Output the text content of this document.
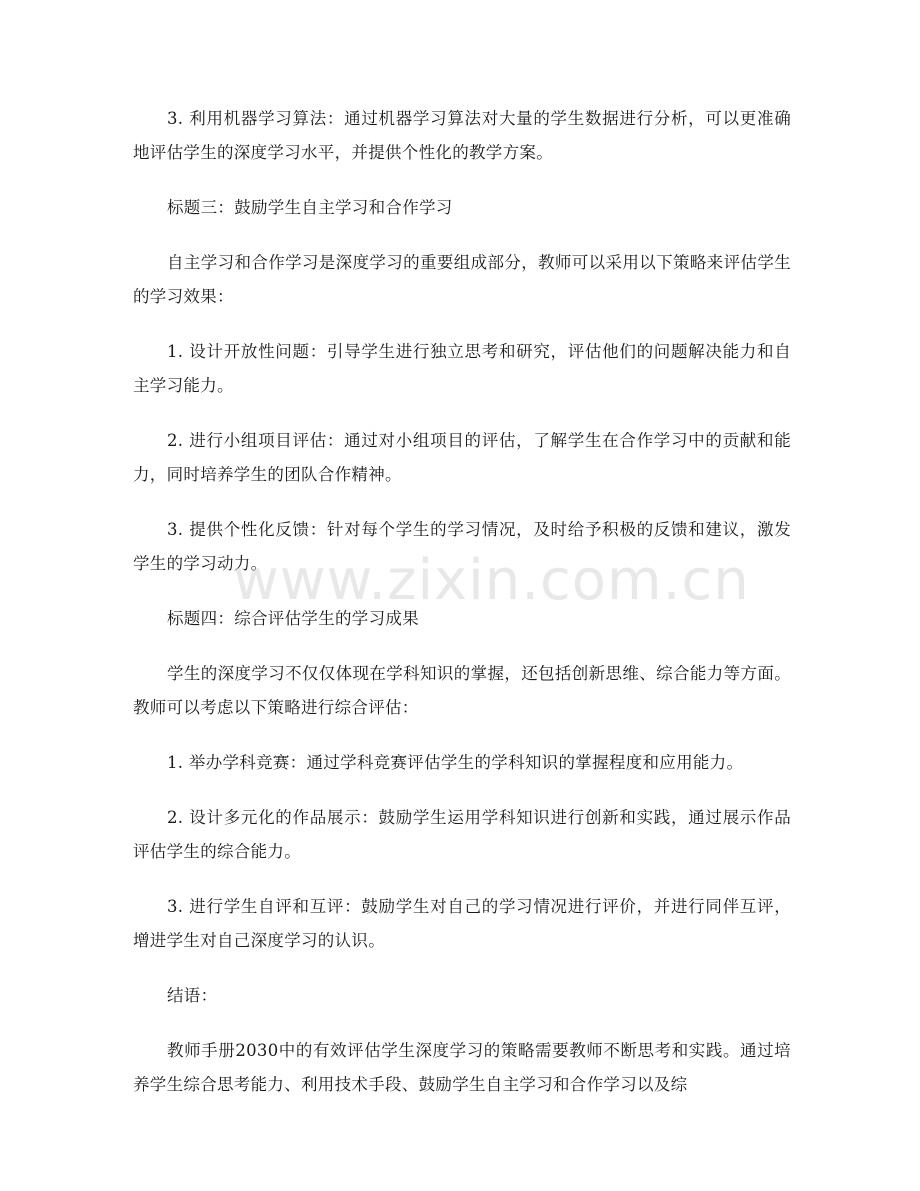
3. 利用机器学习算法：通过机器学习算法对大量的学生数据进行分析，可以更准确地评估学生的深度学习水平，并提供个性化的教学方案。

标题三：鼓励学生自主学习和合作学习

自主学习和合作学习是深度学习的重要组成部分，教师可以采用以下策略来评估学生的学习效果：

1. 设计开放性问题：引导学生进行独立思考和研究，评估他们的问题解决能力和自主学习能力。

2. 进行小组项目评估：通过对小组项目的评估，了解学生在合作学习中的贡献和能力，同时培养学生的团队合作精神。

3. 提供个性化反馈：针对每个学生的学习情况，及时给予积极的反馈和建议，激发学生的学习动力。

标题四：综合评估学生的学习成果

学生的深度学习不仅仅体现在学科知识的掌握，还包括创新思维、综合能力等方面。教师可以考虑以下策略进行综合评估：

1. 举办学科竞赛：通过学科竞赛评估学生的学科知识的掌握程度和应用能力。

2. 设计多元化的作品展示：鼓励学生运用学科知识进行创新和实践，通过展示作品评估学生的综合能力。

3. 进行学生自评和互评：鼓励学生对自己的学习情况进行评价，并进行同伴互评，增进学生对自己深度学习的认识。

结语：

教师手册2030中的有效评估学生深度学习的策略需要教师不断思考和实践。通过培养学生综合思考能力、利用技术手段、鼓励学生自主学习和合作学习以及综

www.zixin.com.cn
